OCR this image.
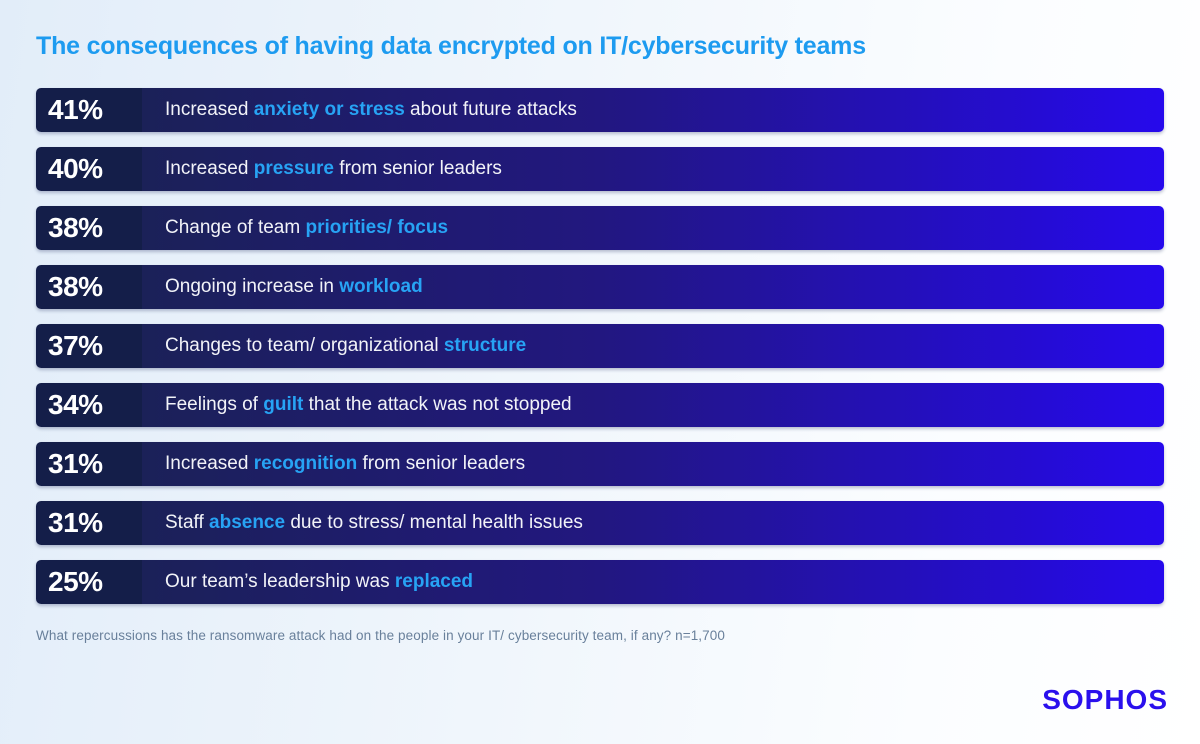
The consequences of having data encrypted on IT/cybersecurity teams
41%	Increased anxiety or stress about future attacks
40%	Increased pressure from senior leaders
38%	Change of team priorities/ focus
38%	Ongoing increase in workload
37%	Changes to team/ organizational structure
34%	Feelings of guilt that the attack was not stopped
31%	Increased recognition from senior leaders
31%	Staff absence due to stress/ mental health issues
25%	Our team’s leadership was replaced
What repercussions has the ransomware attack had on the people in your IT/ cybersecurity team, if any? n=1,700
SOPHOS
